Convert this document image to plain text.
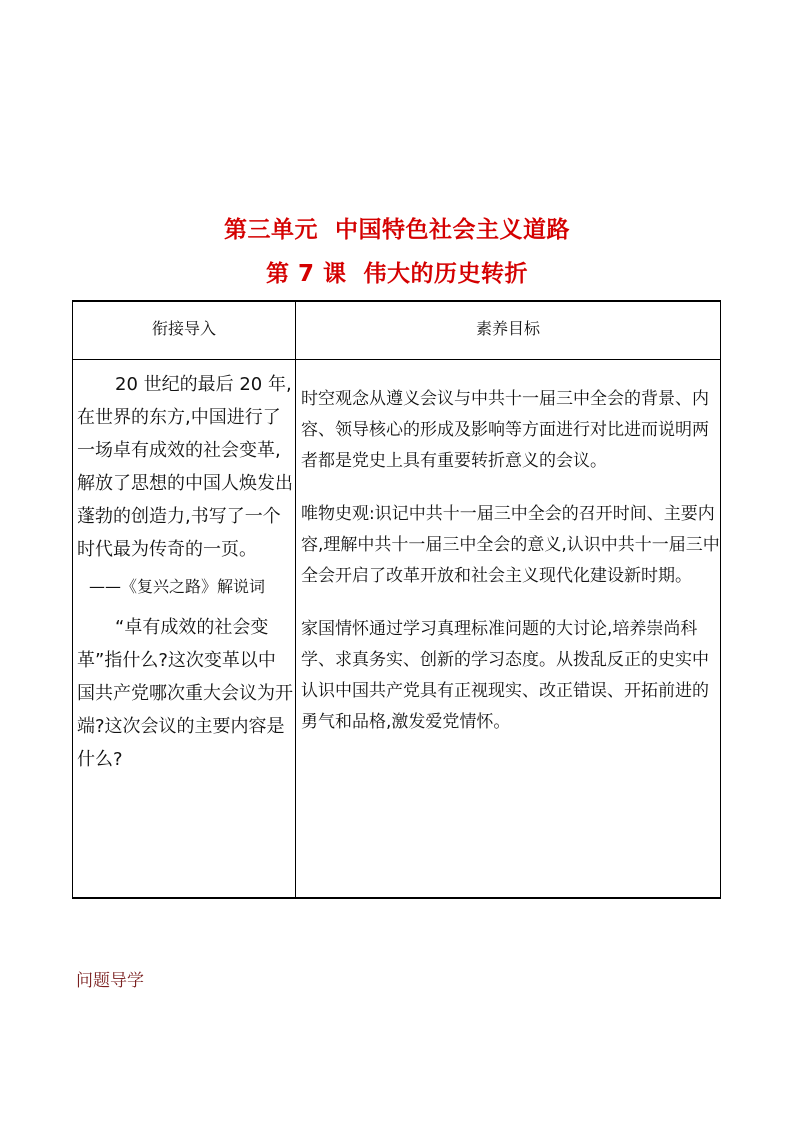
第三单元  中国特色社会主义道路
第 7 课  伟大的历史转折
衔接导入	素养目标

20 世纪的最后 20 年,在世界的东方,中国进行了一场卓有成效的社会变革,解放了思想的中国人焕发出蓬勃的创造力,书写了一个时代最为传奇的一页。

——《复兴之路》解说词

“卓有成效的社会变革”指什么?这次变革以中国共产党哪次重大会议为开端?这次会议的主要内容是什么?

时空观念从遵义会议与中共十一届三中全会的背景、内容、领导核心的形成及影响等方面进行对比进而说明两者都是党史上具有重要转折意义的会议。

唯物史观:识记中共十一届三中全会的召开时间、主要内容,理解中共十一届三中全会的意义,认识中共十一届三中全会开启了改革开放和社会主义现代化建设新时期。

家国情怀通过学习真理标准问题的大讨论,培养崇尚科学、求真务实、创新的学习态度。从拨乱反正的史实中认识中国共产党具有正视现实、改正错误、开拓前进的勇气和品格,激发爱党情怀。

问题导学
